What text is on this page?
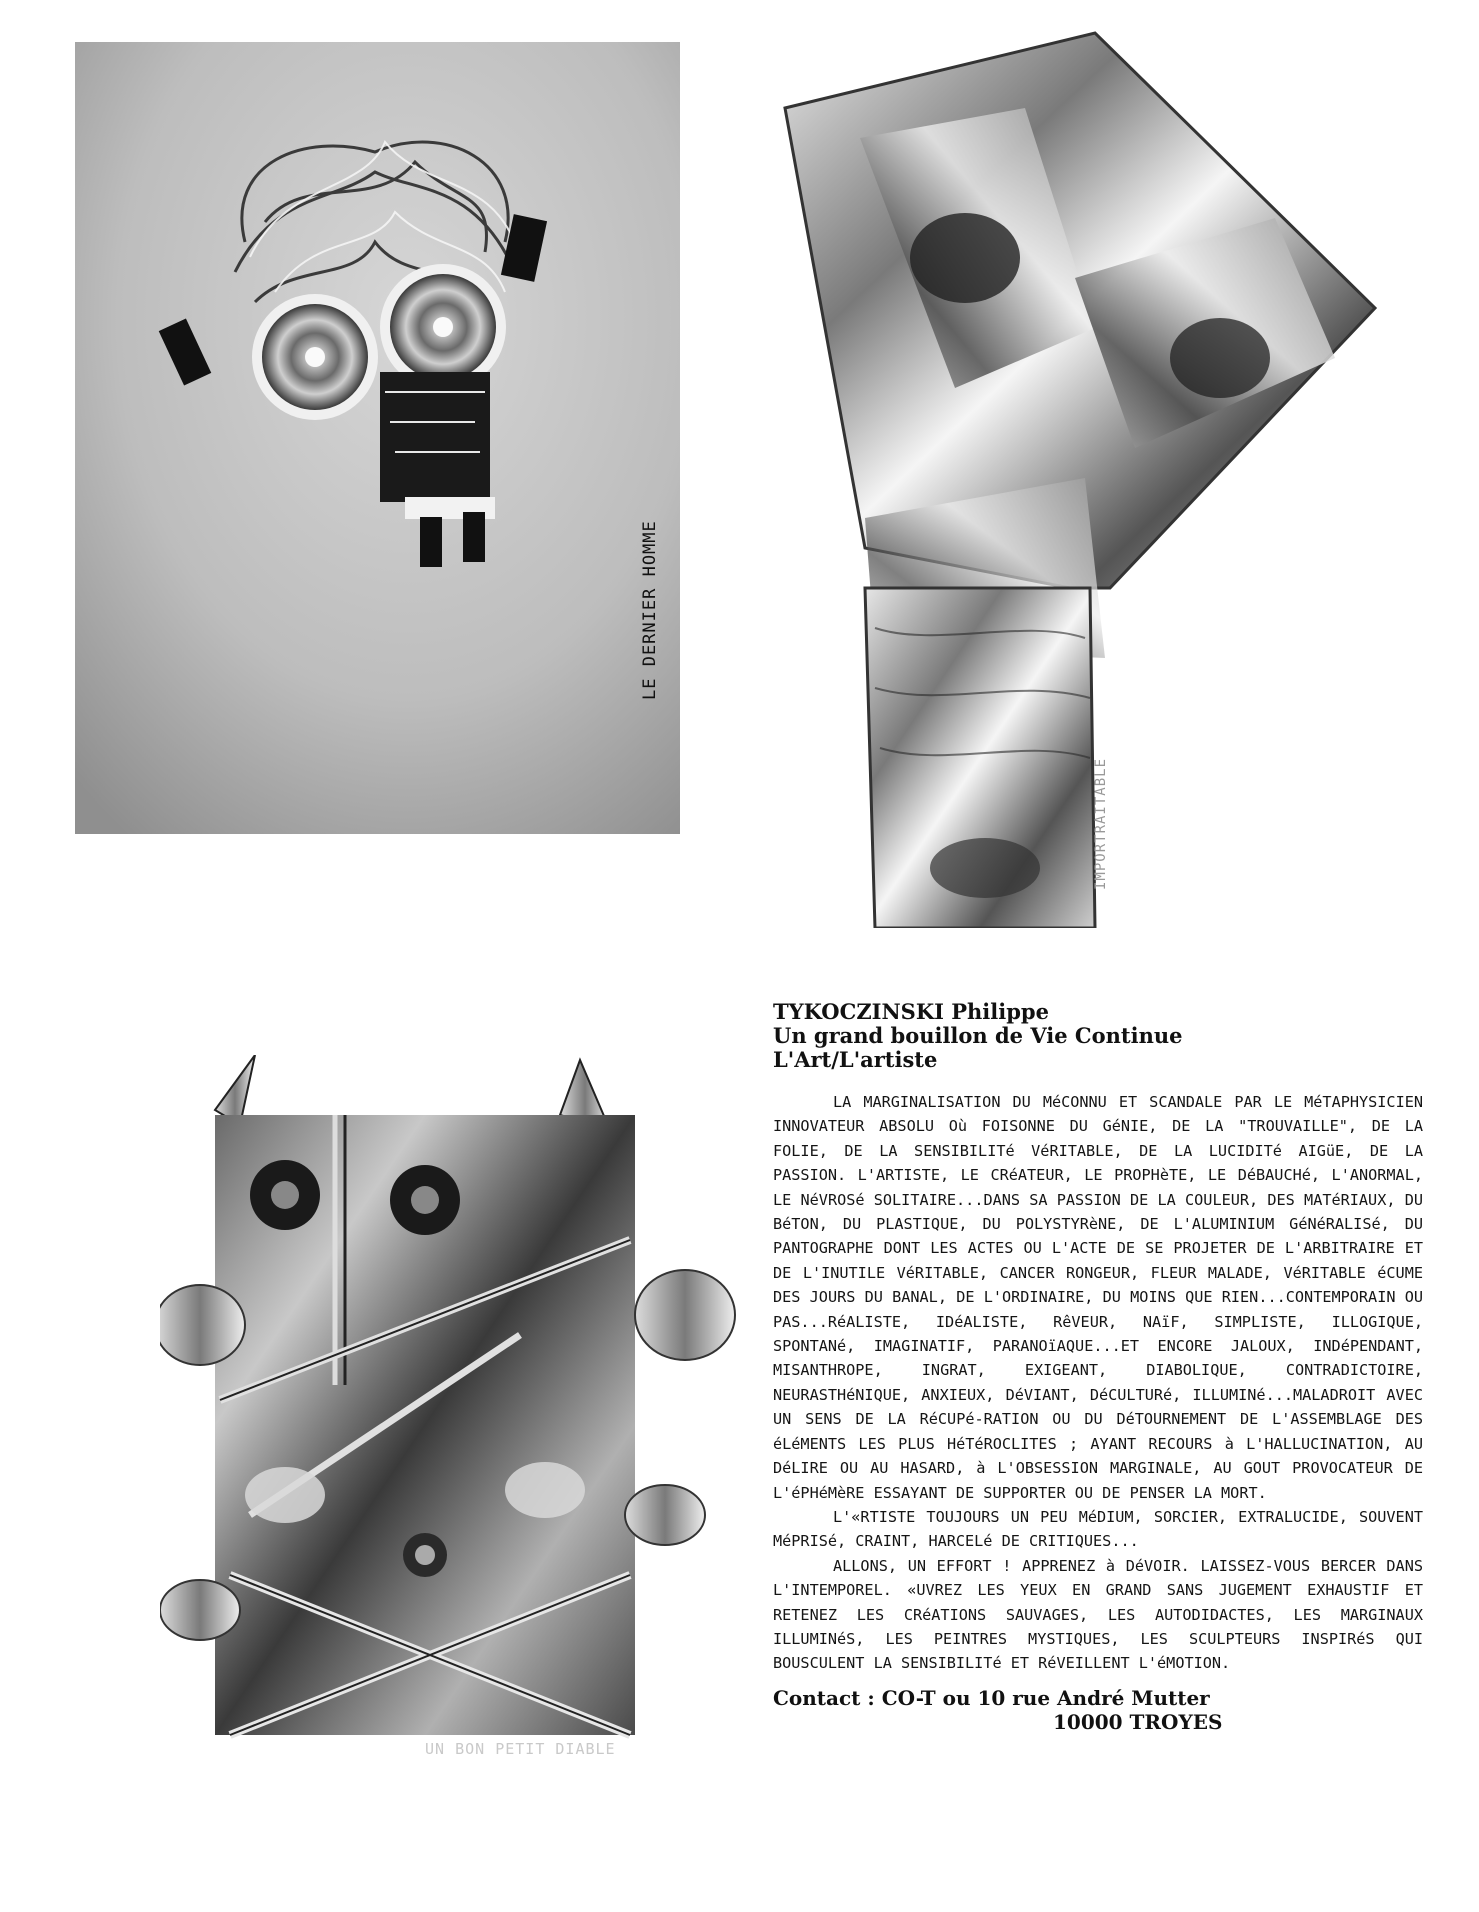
LE DERNIER HOMME
IMPORTRAITABLE
UN BON PETIT DIABLE
TYKOCZINSKI Philippe
Un grand bouillon de Vie Continue
L'Art/L'artiste

LA MARGINALISATION DU MéCONNU ET SCANDALE PAR LE MéTAPHYSICIEN INNOVATEUR ABSOLU Où FOISONNE DU GéNIE, DE LA "TROUVAILLE", DE LA FOLIE, DE LA SENSIBILITé VéRITABLE, DE LA LUCIDITé AIGüE, DE LA PASSION. L'ARTISTE, LE CRéATEUR, LE PROPHèTE, LE DéBAUCHé, L'ANORMAL, LE NéVROSé SOLITAIRE...DANS SA PASSION DE LA COULEUR, DES MATéRIAUX, DU BéTON, DU PLASTIQUE, DU POLYSTYRèNE, DE L'ALUMINIUM GéNéRALISé, DU PANTOGRAPHE DONT LES ACTES OU L'ACTE DE SE PROJETER DE L'ARBITRAIRE ET DE L'INUTILE VéRITABLE, CANCER RONGEUR, FLEUR MALADE, VéRITABLE éCUME DES JOURS DU BANAL, DE L'ORDINAIRE, DU MOINS QUE RIEN...CONTEMPORAIN OU PAS...RéALISTE, IDéALISTE, RêVEUR, NAïF, SIMPLISTE, ILLOGIQUE, SPONTANé, IMAGINATIF, PARANOïAQUE...ET ENCORE JALOUX, INDéPENDANT, MISANTHROPE, INGRAT, EXIGEANT, DIABOLIQUE, CONTRADICTOIRE, NEURASTHéNIQUE, ANXIEUX, DéVIANT, DéCULTURé, ILLUMINé...MALADROIT AVEC UN SENS DE LA RéCUPé-RATION OU DU DéTOURNEMENT DE L'ASSEMBLAGE DES éLéMENTS LES PLUS HéTéROCLITES ; AYANT RECOURS à L'HALLUCINATION, AU DéLIRE OU AU HASARD, à L'OBSESSION MARGINALE, AU GOUT PROVOCATEUR DE L'éPHéMèRE ESSAYANT DE SUPPORTER OU DE PENSER LA MORT.

L'«RTISTE TOUJOURS UN PEU MéDIUM, SORCIER, EXTRALUCIDE, SOUVENT MéPRISé, CRAINT, HARCELé DE CRITIQUES...

ALLONS, UN EFFORT ! APPRENEZ à DéVOIR. LAISSEZ-VOUS BERCER DANS L'INTEMPOREL. «UVREZ LES YEUX EN GRAND SANS JUGEMENT EXHAUSTIF ET RETENEZ LES CRéATIONS SAUVAGES, LES AUTODIDACTES, LES MARGINAUX ILLUMINéS, LES PEINTRES MYSTIQUES, LES SCULPTEURS INSPIRéS QUI BOUSCULENT LA SENSIBILITé ET RéVEILLENT L'éMOTION.

Contact : CO-T ou 10 rue André Mutter
10000 TROYES
